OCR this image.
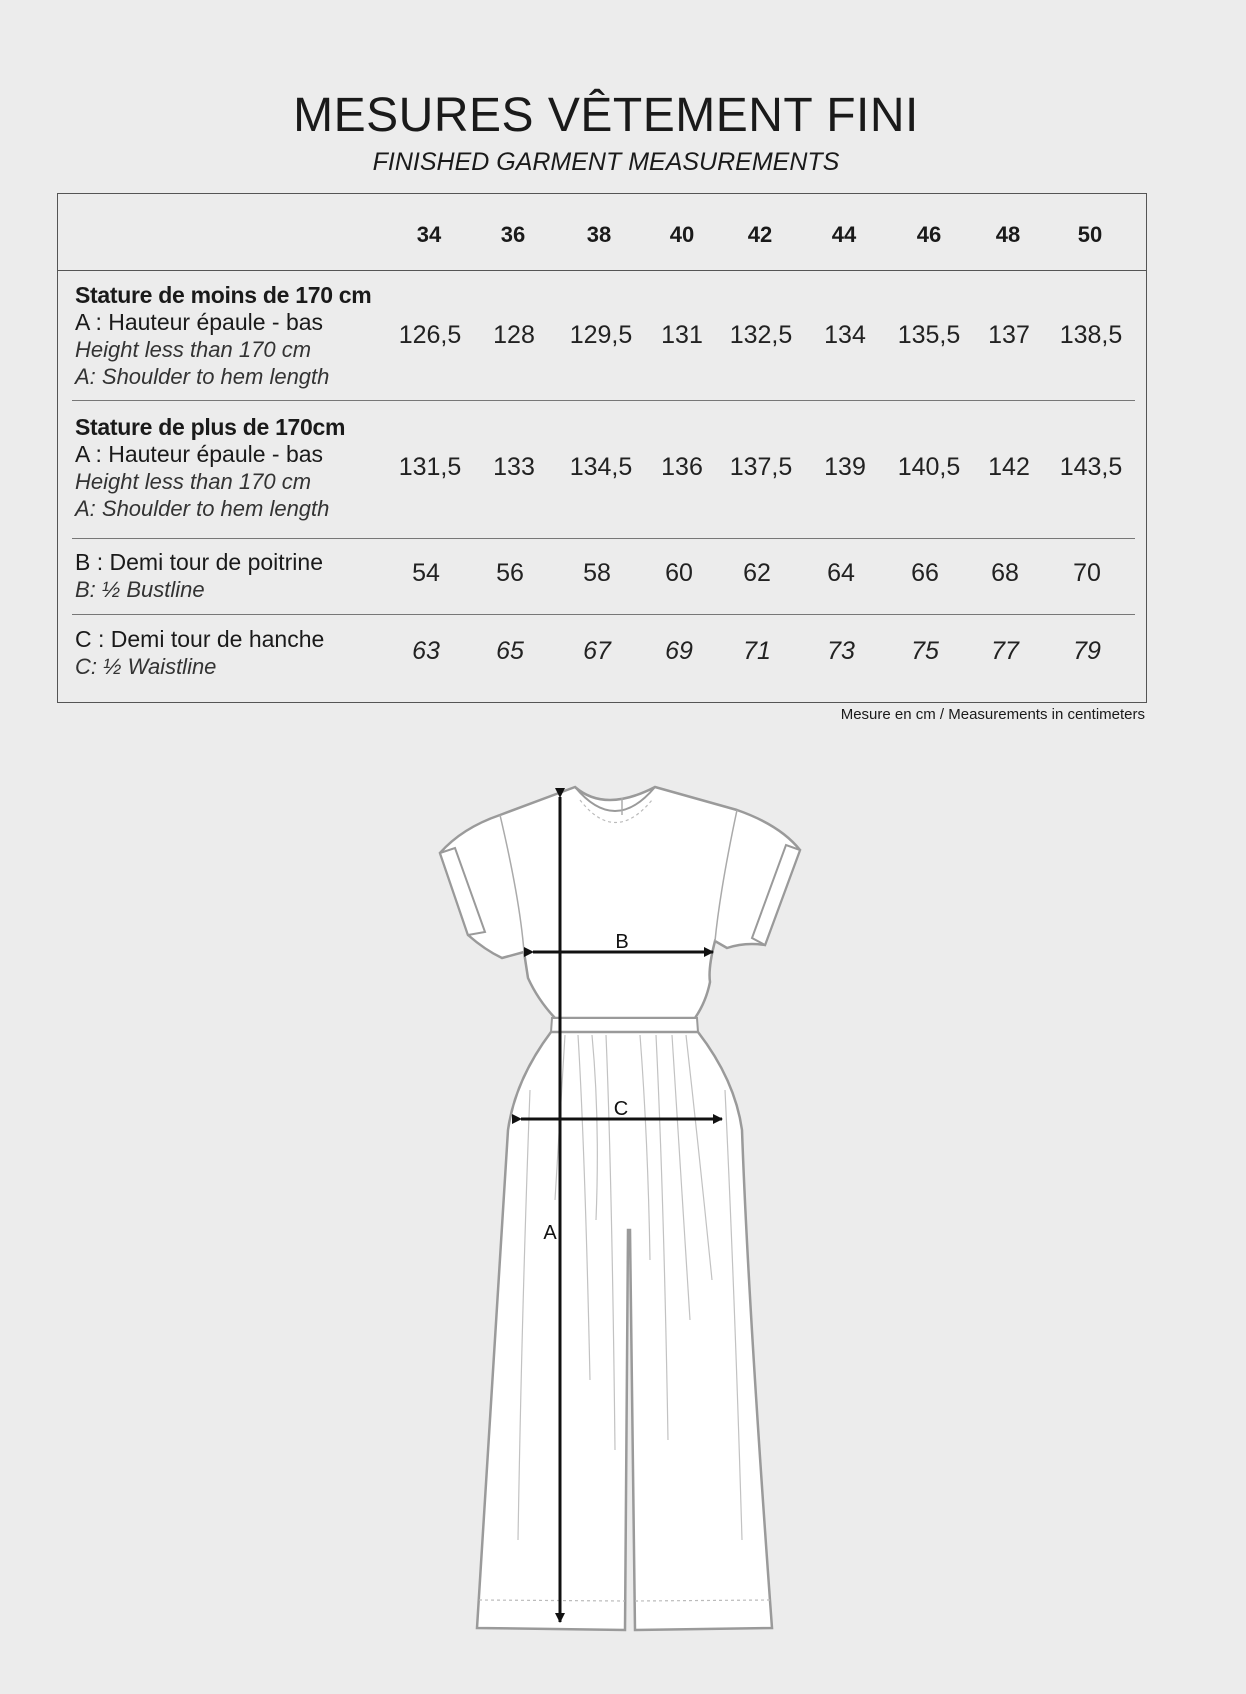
MESURES VÊTEMENT FINI
FINISHED GARMENT MEASUREMENTS
34	36	38	40	42	44	46	48	50
Stature de moins de 170 cm
A : Hauteur épaule - bas
Height less than 170 cm
A: Shoulder to hem length
126,5	128	129,5	131	132,5	134	135,5	137	138,5
Stature de plus de 170cm
A : Hauteur épaule - bas
Height less than 170 cm
A: Shoulder to hem length
131,5	133	134,5	136	137,5	139	140,5	142	143,5
B : Demi tour de poitrine
B: ½ Bustline
54	56	58	60	62	64	66	68	70
C : Demi tour de hanche
C: ½ Waistline
63	65	67	69	71	73	75	77	79
Mesure en cm / Measurements in centimeters
A
B
C
